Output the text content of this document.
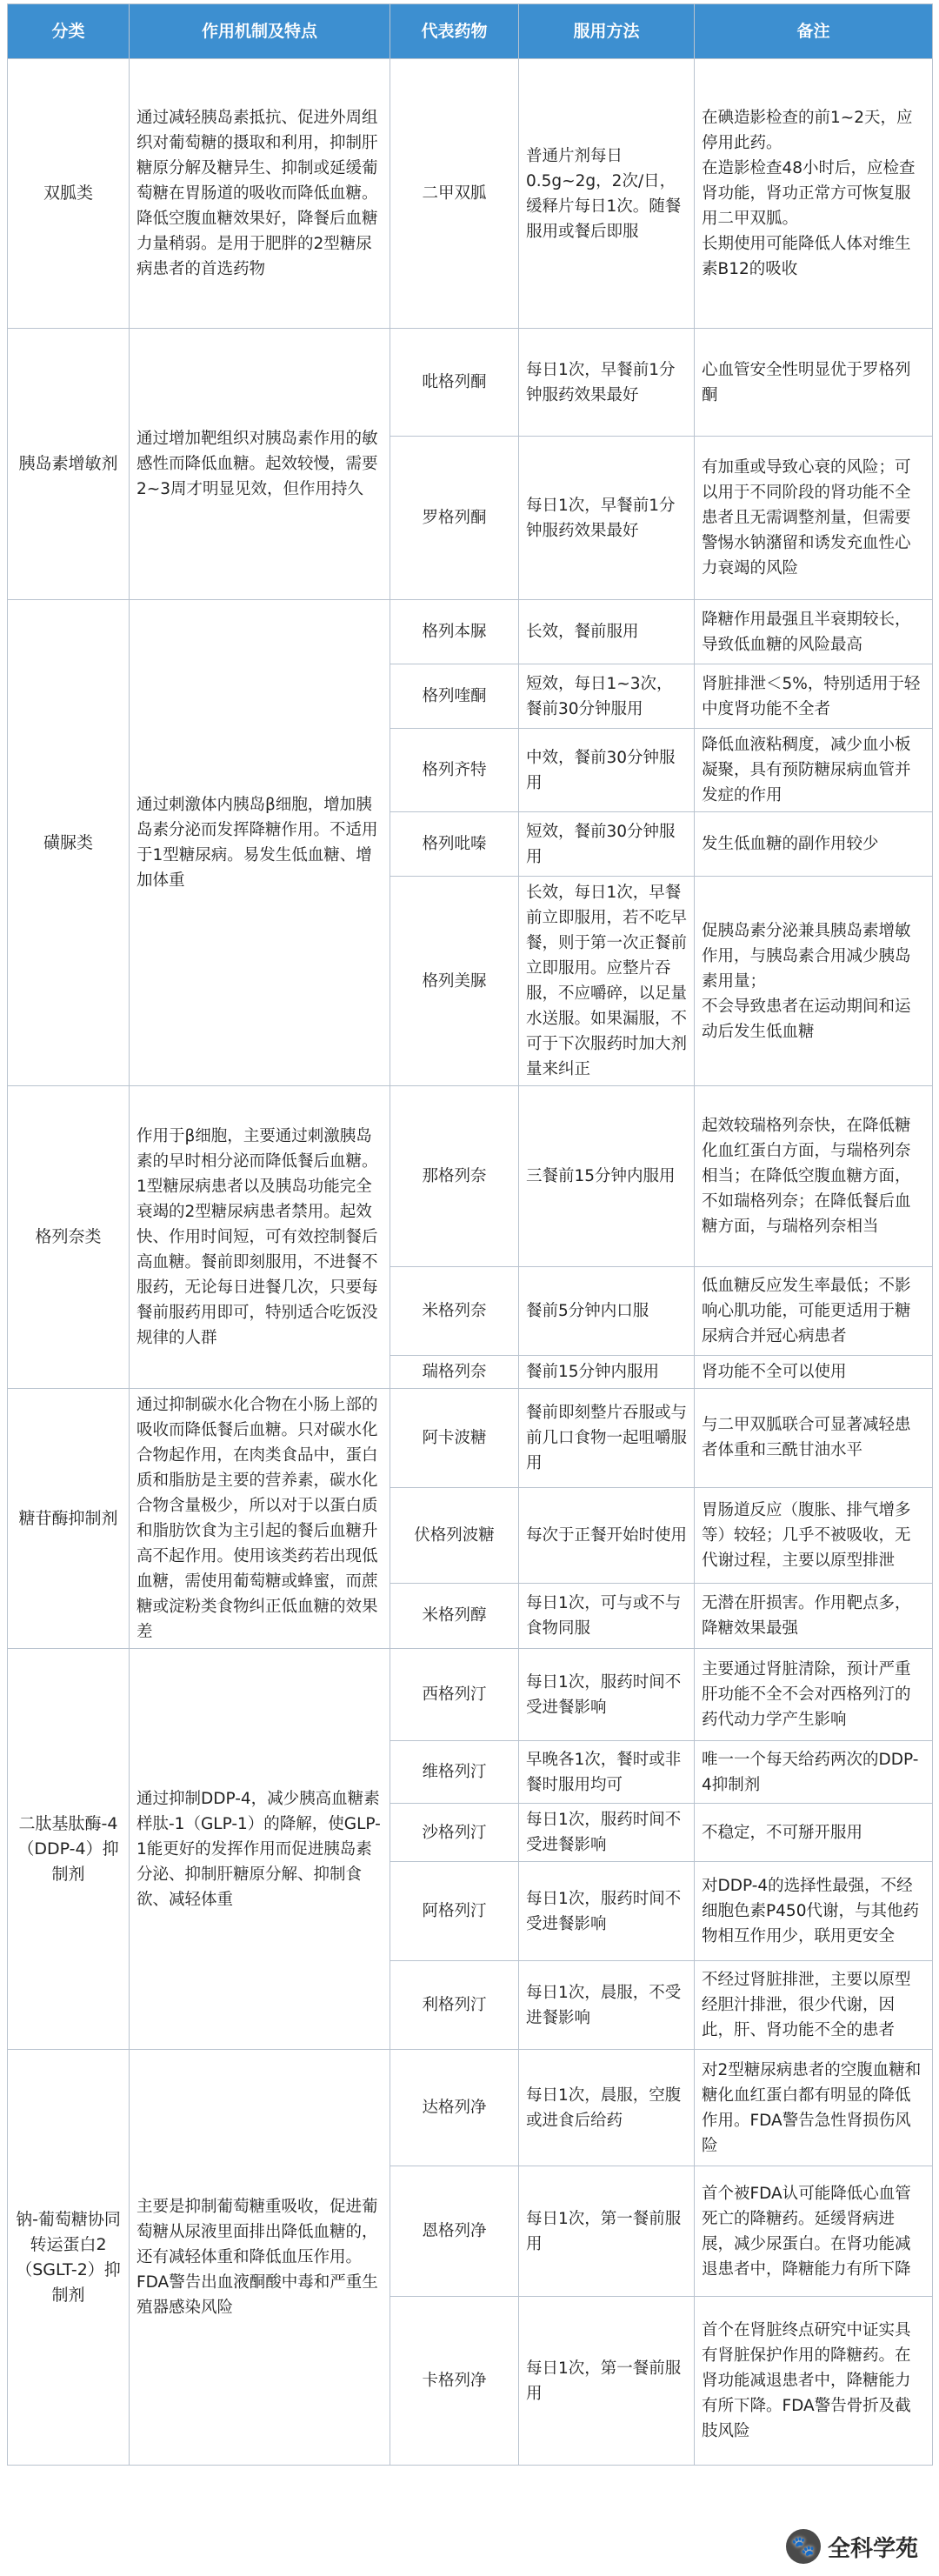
分类	作用机制及特点	代表药物	服用方法	备注
双胍类	通过减轻胰岛素抵抗、促进外周组织对葡萄糖的摄取和利用，抑制肝糖原分解及糖异生、抑制或延缓葡萄糖在胃肠道的吸收而降低血糖。降低空腹血糖效果好，降餐后血糖力量稍弱。是用于肥胖的2型糖尿病患者的首选药物	二甲双胍	普通片剂每日0.5g~2g，2次/日，缓释片每日1次。随餐服用或餐后即服	在碘造影检查的前1~2天，应停用此药。
在造影检查48小时后，应检查肾功能，肾功正常方可恢复服用二甲双胍。
长期使用可能降低人体对维生素B12的吸收
胰岛素增敏剂	通过增加靶组织对胰岛素作用的敏感性而降低血糖。起效较慢，需要2~3周才明显见效，但作用持久	吡格列酮	每日1次，早餐前1分钟服药效果最好	心血管安全性明显优于罗格列酮
		罗格列酮	每日1次，早餐前1分钟服药效果最好	有加重或导致心衰的风险；可以用于不同阶段的肾功能不全患者且无需调整剂量，但需要警惕水钠潴留和诱发充血性心力衰竭的风险
磺脲类	通过刺激体内胰岛β细胞，增加胰岛素分泌而发挥降糖作用。不适用于1型糖尿病。易发生低血糖、增加体重	格列本脲	长效，餐前服用	降糖作用最强且半衰期较长，导致低血糖的风险最高
		格列喹酮	短效，每日1~3次，餐前30分钟服用	肾脏排泄＜5%，特别适用于轻中度肾功能不全者
		格列齐特	中效，餐前30分钟服用	降低血液粘稠度，减少血小板凝聚，具有预防糖尿病血管并发症的作用
		格列吡嗪	短效，餐前30分钟服用	发生低血糖的副作用较少
		格列美脲	长效，每日1次，早餐前立即服用，若不吃早餐，则于第一次正餐前立即服用。应整片吞服，不应嚼碎，以足量水送服。如果漏服，不可于下次服药时加大剂量来纠正	促胰岛素分泌兼具胰岛素增敏作用，与胰岛素合用减少胰岛素用量；
不会导致患者在运动期间和运动后发生低血糖
格列奈类	作用于β细胞，主要通过刺激胰岛素的早时相分泌而降低餐后血糖。1型糖尿病患者以及胰岛功能完全衰竭的2型糖尿病患者禁用。起效快、作用时间短，可有效控制餐后高血糖。餐前即刻服用，不进餐不服药，无论每日进餐几次，只要每餐前服药用即可，特别适合吃饭没规律的人群	那格列奈	三餐前15分钟内服用	起效较瑞格列奈快，在降低糖化血红蛋白方面，与瑞格列奈相当；在降低空腹血糖方面，不如瑞格列奈；在降低餐后血糖方面，与瑞格列奈相当
		米格列奈	餐前5分钟内口服	低血糖反应发生率最低；不影响心肌功能，可能更适用于糖尿病合并冠心病患者
		瑞格列奈	餐前15分钟内服用	肾功能不全可以使用
糖苷酶抑制剂	通过抑制碳水化合物在小肠上部的吸收而降低餐后血糖。只对碳水化合物起作用，在肉类食品中，蛋白质和脂肪是主要的营养素，碳水化合物含量极少，所以对于以蛋白质和脂肪饮食为主引起的餐后血糖升高不起作用。使用该类药若出现低血糖，需使用葡萄糖或蜂蜜，而蔗糖或淀粉类食物纠正低血糖的效果差	阿卡波糖	餐前即刻整片吞服或与前几口食物一起咀嚼服用	与二甲双胍联合可显著减轻患者体重和三酰甘油水平
		伏格列波糖	每次于正餐开始时使用	胃肠道反应（腹胀、排气增多等）较轻；几乎不被吸收，无代谢过程，主要以原型排泄
		米格列醇	每日1次，可与或不与食物同服	无潜在肝损害。作用靶点多，降糖效果最强
二肽基肽酶-4（DDP-4）抑制剂	通过抑制DDP-4，减少胰高血糖素样肽-1（GLP-1）的降解，使GLP-1能更好的发挥作用而促进胰岛素分泌、抑制肝糖原分解、抑制食欲、减轻体重	西格列汀	每日1次，服药时间不受进餐影响	主要通过肾脏清除，预计严重肝功能不全不会对西格列汀的药代动力学产生影响
		维格列汀	早晚各1次，餐时或非餐时服用均可	唯一一个每天给药两次的DDP-4抑制剂
		沙格列汀	每日1次，服药时间不受进餐影响	不稳定，不可掰开服用
		阿格列汀	每日1次，服药时间不受进餐影响	对DDP-4的选择性最强，不经细胞色素P450代谢，与其他药物相互作用少，联用更安全
		利格列汀	每日1次，晨服，不受进餐影响	不经过肾脏排泄，主要以原型经胆汁排泄，很少代谢，因此，肝、肾功能不全的患者
钠-葡萄糖协同转运蛋白2（SGLT-2）抑制剂	主要是抑制葡萄糖重吸收，促进葡萄糖从尿液里面排出降低血糖的，还有减轻体重和降低血压作用。FDA警告出血液酮酸中毒和严重生殖器感染风险	达格列净	每日1次，晨服，空腹或进食后给药	对2型糖尿病患者的空腹血糖和糖化血红蛋白都有明显的降低作用。FDA警告急性肾损伤风险
		恩格列净	每日1次，第一餐前服用	首个被FDA认可能降低心血管死亡的降糖药。延缓肾病进展，减少尿蛋白。在肾功能减退患者中，降糖能力有所下降
		卡格列净	每日1次，第一餐前服用	首个在肾脏终点研究中证实具有肾脏保护作用的降糖药。在肾功能减退患者中，降糖能力有所下降。FDA警告骨折及截肢风险
🐾 全科学苑
